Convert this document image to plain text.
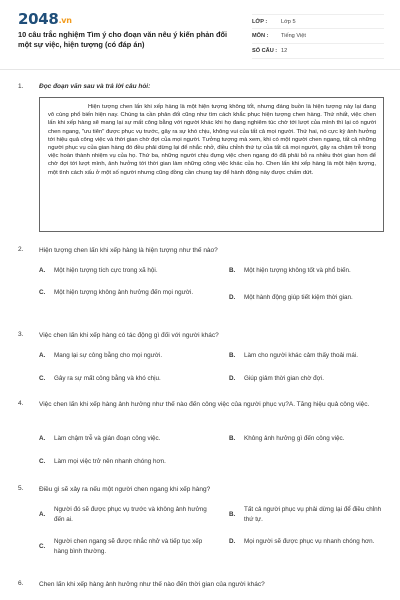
2048.vn
10 câu trắc nghiệm Tìm ý cho đoạn văn nêu ý kiến phản đối một sự việc, hiện tượng (có đáp án)
LỚP :	Lớp 5
MÔN :	Tiếng Việt
SỐ CÂU : 12
1.	Đọc đoạn văn sau và trả lời câu hỏi:
Hiện tượng chen lấn khi xếp hàng là một hiện tượng không tốt, nhưng đáng buồn là hiện tượng này lại đang vô cùng phổ biến hiện nay. Chúng ta cần phản đối cũng như tìm cách khắc phục hiện tượng chen hàng. Thứ nhất, việc chen lấn khi xếp hàng sẽ mang lại sự mất công bằng với người khác khi họ đang nghiêm túc chờ tới lượt của mình thì lại có người chen ngang, "ưu tiên" được phục vụ trước, gây ra sự khó chịu, không vui của tất cả mọi người. Thứ hai, nó cực kỳ ảnh hưởng tới hiệu quả công việc và thời gian chờ đợi của mọi người. Tưởng tượng mà xem, khi có một người chen ngang, tất cả những người phục vụ của gian hàng đó đều phải dừng lại để nhắc nhở, điều chỉnh thứ tự của tất cả mọi người, gây ra chậm trễ trong việc hoàn thành nhiệm vụ của họ. Thứ ba, những người chịu đựng việc chen ngang đó đã phải bỏ ra nhiều thời gian hơn để chờ đợi tới lượt mình, ảnh hưởng tới thời gian làm những công việc khác của họ. Chen lấn khi xếp hàng là một hiện tượng, một tình cách xấu ở một số người nhưng cũng đồng cần chung tay để hành động này được chấm dứt.
2.	Hiện tượng chen lấn khi xếp hàng là hiện tượng như thế nào?
A.	Một hiện tượng tích cực trong xã hội.	B.	Một hiện tượng không tốt và phổ biến.
C.	Một hiện tượng không ảnh hưởng đến mọi người.
D.	Một hành động giúp tiết kiệm thời gian.
3.	Việc chen lấn khi xếp hàng có tác động gì đối với người khác?
A.	Mang lại sự công bằng cho mọi người.	B.	Làm cho người khác cảm thấy thoải mái.
C.	Gây ra sự mất công bằng và khó chịu.	D.	Giúp giảm thời gian chờ đợi.
4.	Việc chen lấn khi xếp hàng ảnh hưởng như thế nào đến công việc của người phục vụ?A. Tăng hiệu quả công việc.
A.	Làm chậm trễ và gián đoạn công việc.	B.	Không ảnh hưởng gì đến công việc.
C.	Làm mọi việc trở nên nhanh chóng hơn.
5.	Điều gì sẽ xảy ra nếu một người chen ngang khi xếp hàng?
A.
Người đó sẽ được phục vụ trước và không ảnh hưởng đến ai.
B.
Tất cả người phục vụ phải dừng lại để điều chỉnh thứ tự.
C.
Người chen ngang sẽ được nhắc nhở và tiếp tục xếp hàng bình thường.
D.	Mọi người sẽ được phục vụ nhanh chóng hơn.
6.	Chen lấn khi xếp hàng ảnh hưởng như thế nào đến thời gian của người khác?
